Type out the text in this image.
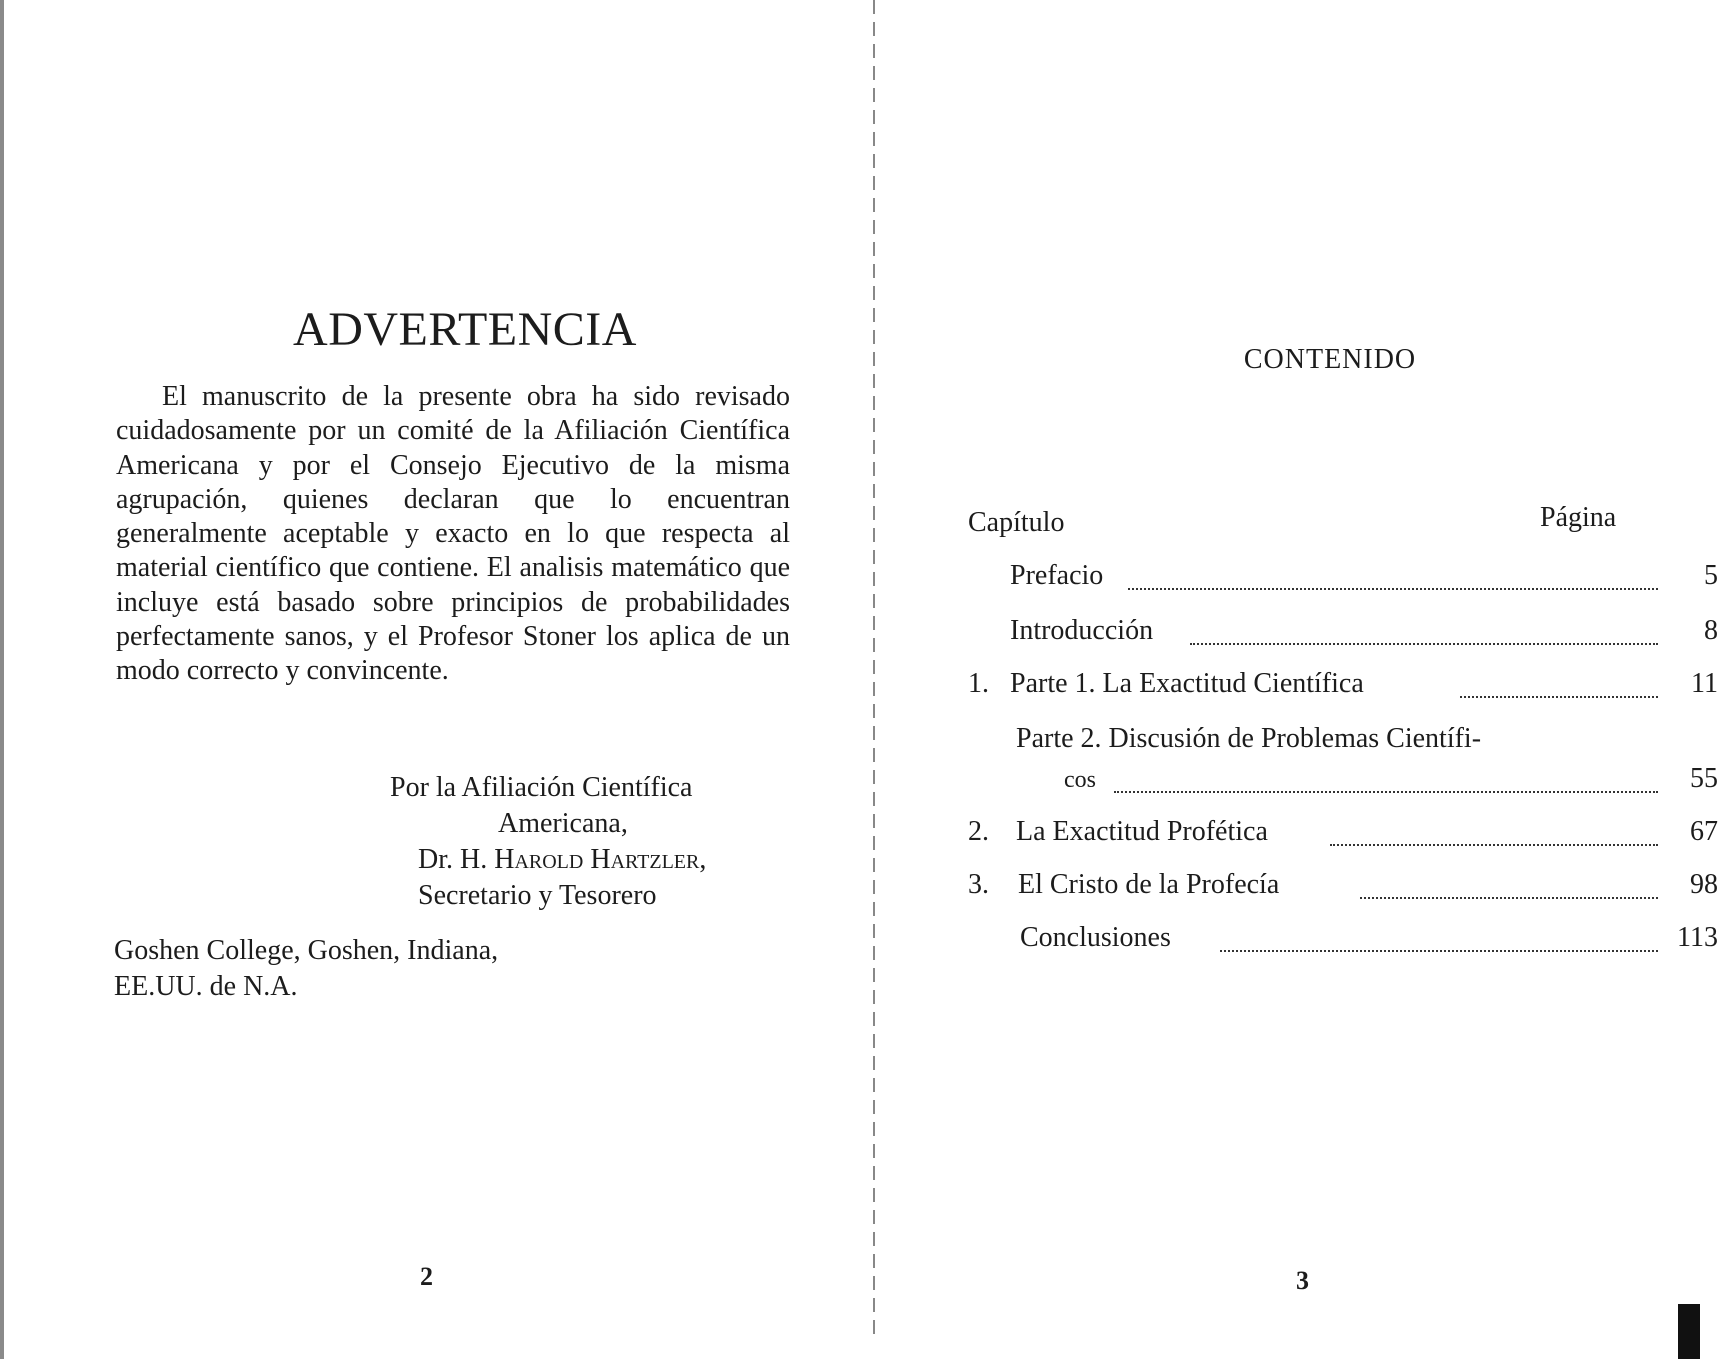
ADVERTENCIA

El manuscrito de la presente obra ha sido revisado cuidadosamente por un comité de la Afiliación Científica Americana y por el Consejo Ejecutivo de la misma agrupación, quienes declaran que lo encuentran generalmente aceptable y exacto en lo que respecta al material científico que contiene. El analisis matemático que incluye está basado sobre principios de probabilidades perfectamente sanos, y el Profesor Stoner los aplica de un modo correcto y convincente.

Por la Afiliación Científica
Americana,
Dr. H. Harold Hartzler,
Secretario y Tesorero
Goshen College, Goshen, Indiana,
EE.UU. de N.A.
2
CONTENIDO
Capítulo	Página
Prefacio	5
Introducción	8
1. Parte 1. La Exactitud Científica	11
Parte 2. Discusión de Problemas Científi-
cos	55
2. La Exactitud Profética	67
3.	El Cristo de la Profecía	98
Conclusiones	113
3
